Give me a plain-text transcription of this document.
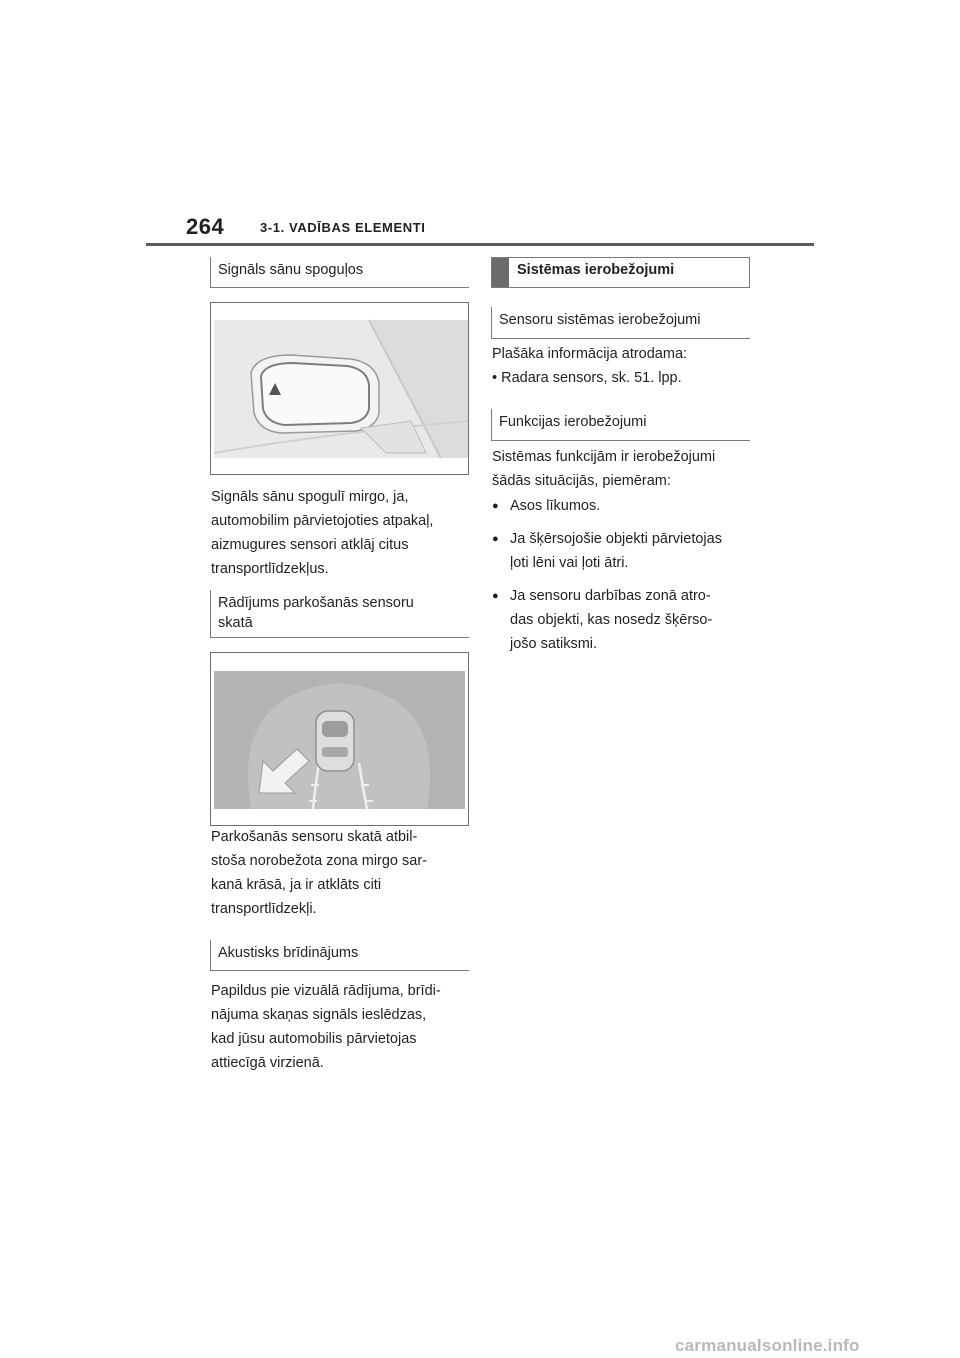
264	3-1. VADĪBAS ELEMENTI
Signāls sānu spoguļos

Signāls sānu spogulī mirgo, ja,

automobilim pārvietojoties atpakaļ,

aizmugures sensori atklāj citus

transportlīdzekļus.

Rādījums parkošanās sensoru
skatā

Parkošanās sensoru skatā atbil-

stoša norobežota zona mirgo sar-

kanā krāsā, ja ir atklāts citi

transportlīdzekļi.

Akustisks brīdinājums

Papildus pie vizuālā rādījuma, brīdi-

nājuma skaņas signāls ieslēdzas,

kad jūsu automobilis pārvietojas

attiecīgā virzienā.

Sistēmas ierobežojumi
Sensoru sistēmas ierobežojumi

Plašāka informācija atrodama:

• Radara sensors, sk. 51. lpp.

Funkcijas ierobežojumi

Sistēmas funkcijām ir ierobežojumi

šādās situācijās, piemēram:

● Asos līkumos.
● Ja šķērsojošie objekti pārvietojas
ļoti lēni vai ļoti ātri.
● Ja sensoru darbības zonā atro-
das objekti, kas nosedz šķērso-
jošo satiksmi.
carmanualsonline.info
